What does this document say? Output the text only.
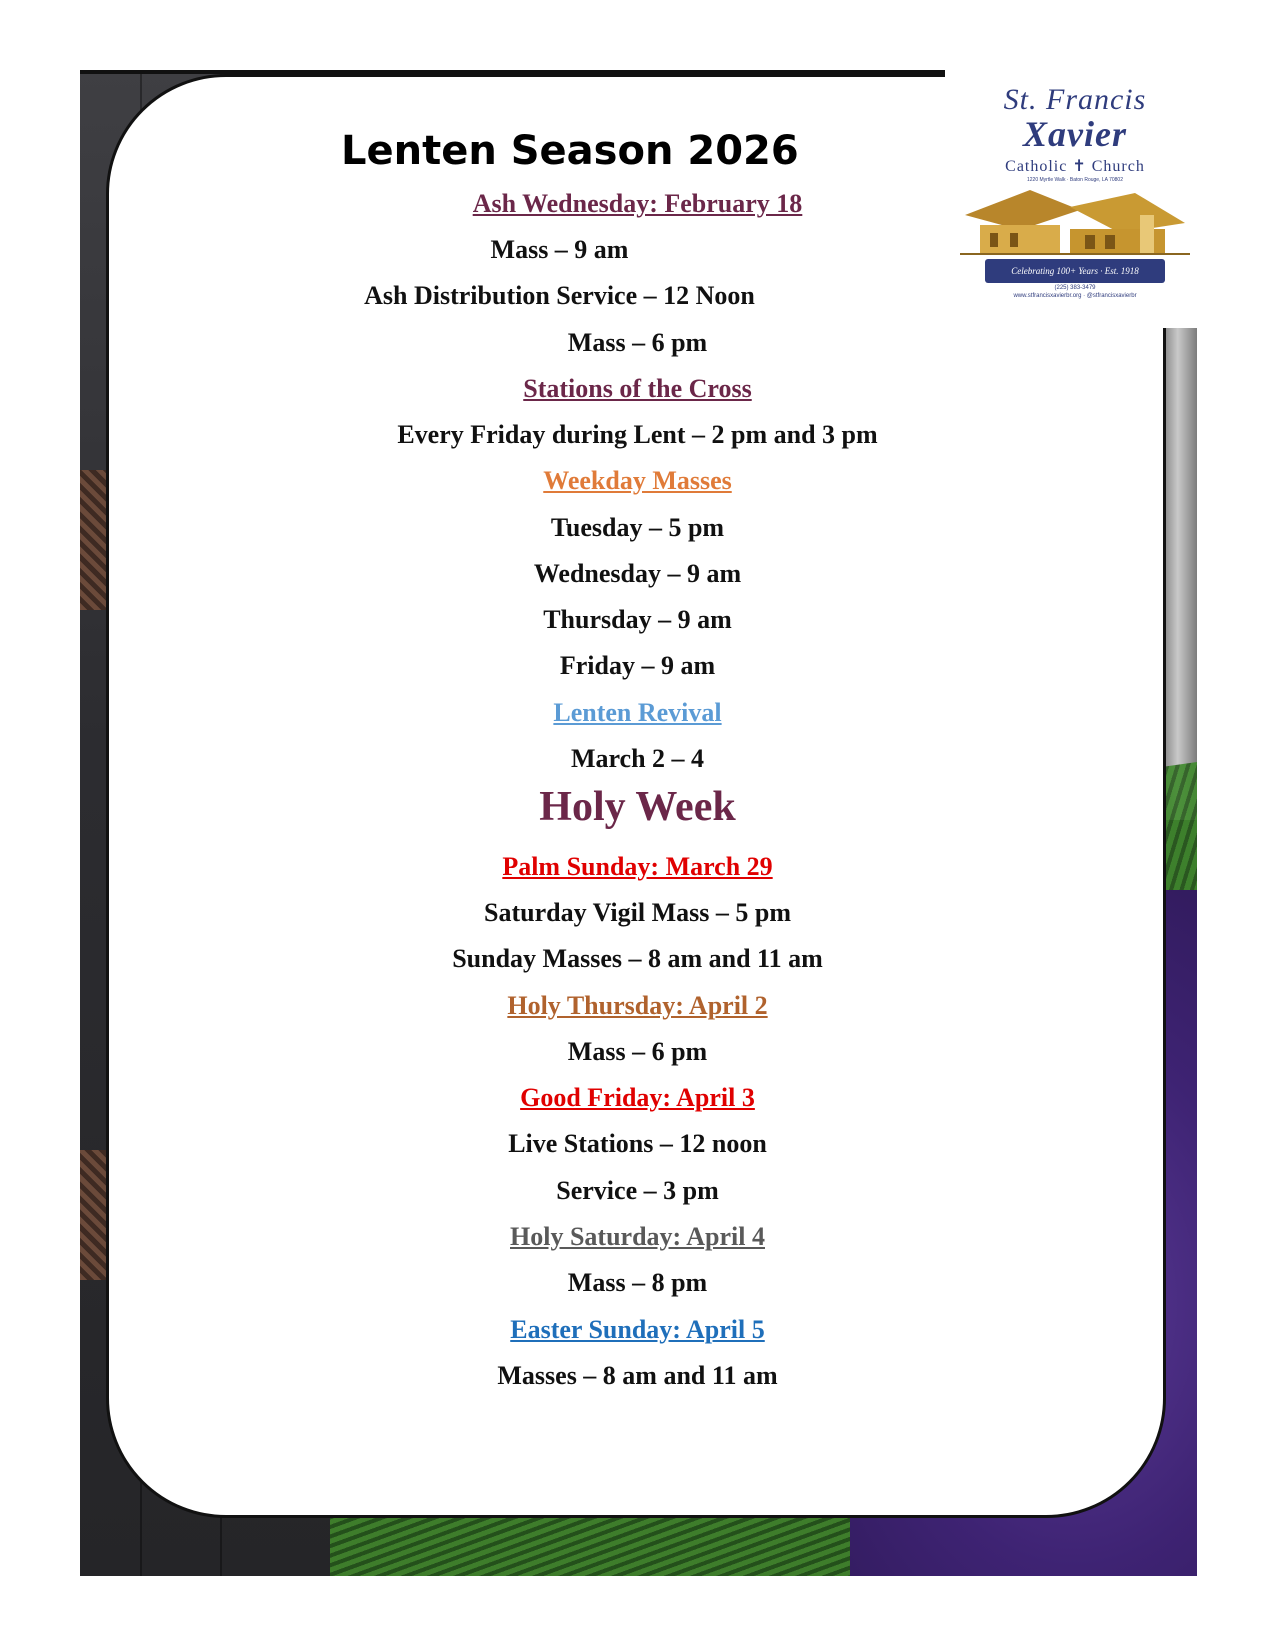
St. Francis
Xavier
Catholic ✝ Church
1220 Myrtle Walk · Baton Rouge, LA 70802
Celebrating 100+ Years · Est. 1918
(225) 383-3479
www.stfrancisxavierbr.org · @stfrancisxavierbr
Lenten Season 2026
Ash Wednesday: February 18
Mass – 9 am
Ash Distribution Service – 12 Noon
Mass – 6 pm
Stations of the Cross
Every Friday during Lent – 2 pm and 3 pm
Weekday Masses
Tuesday – 5 pm
Wednesday – 9 am
Thursday – 9 am
Friday – 9 am
Lenten Revival
March 2 – 4
Holy Week
Palm Sunday: March 29
Saturday Vigil Mass – 5 pm
Sunday Masses – 8 am and 11 am
Holy Thursday: April 2
Mass – 6 pm
Good Friday: April 3
Live Stations – 12 noon
Service – 3 pm
Holy Saturday: April 4
Mass – 8 pm
Easter Sunday: April 5
Masses – 8 am and 11 am
